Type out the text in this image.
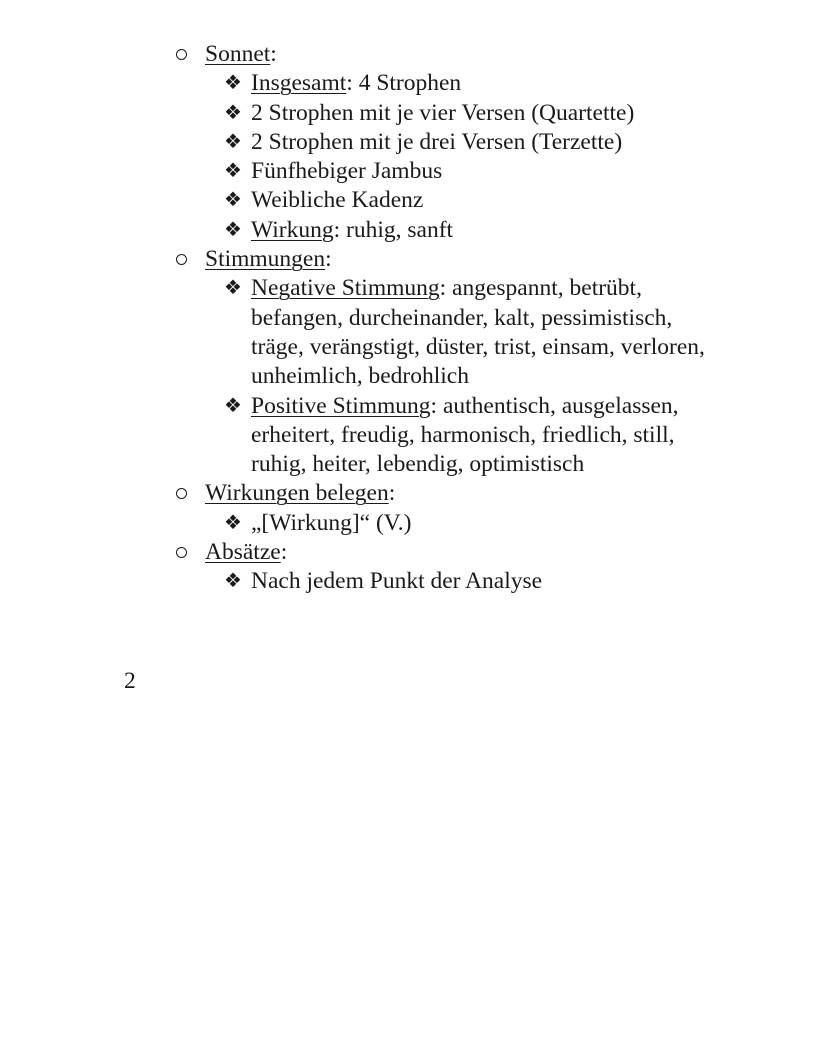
Sonnet:
❖ Insgesamt: 4 Strophen
❖ 2 Strophen mit je vier Versen (Quartette)
❖ 2 Strophen mit je drei Versen (Terzette)
❖ Fünfhebiger Jambus
❖ Weibliche Kadenz
❖ Wirkung: ruhig, sanft
Stimmungen:
❖ Negative Stimmung: angespannt, betrübt, befangen, durcheinander, kalt, pessimistisch, träge, verängstigt, düster, trist, einsam, verloren, unheimlich, bedrohlich
❖ Positive Stimmung: authentisch, ausgelassen, erheitert, freudig, harmonisch, friedlich, still, ruhig, heiter, lebendig, optimistisch
Wirkungen belegen:
❖ „[Wirkung]“ (V.)
Absätze:
❖ Nach jedem Punkt der Analyse
2
